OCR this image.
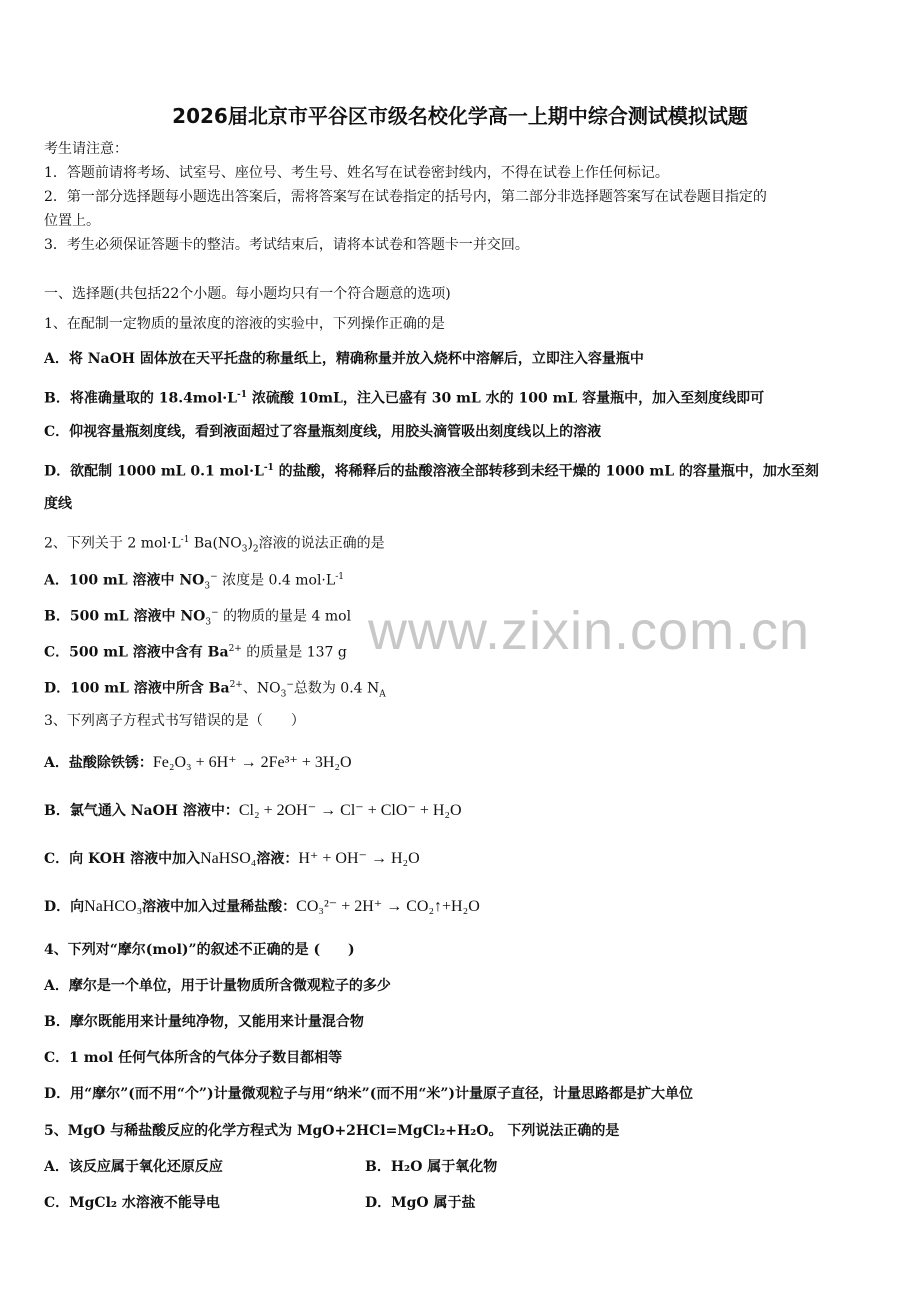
2026届北京市平谷区市级名校化学高一上期中综合测试模拟试题
考生请注意：
1．答题前请将考场、试室号、座位号、考生号、姓名写在试卷密封线内，不得在试卷上作任何标记。
2．第一部分选择题每小题选出答案后，需将答案写在试卷指定的括号内，第二部分非选择题答案写在试卷题目指定的
位置上。
3．考生必须保证答题卡的整洁。考试结束后，请将本试卷和答题卡一并交回。
一、选择题(共包括22个小题。每小题均只有一个符合题意的选项)
1、在配制一定物质的量浓度的溶液的实验中，下列操作正确的是
A．将 NaOH 固体放在天平托盘的称量纸上，精确称量并放入烧杯中溶解后，立即注入容量瓶中
B．将准确量取的 $18.4mol\cdot L^{-1}$ 浓硫酸 10mL，注入已盛有 30 mL 水的 100 mL 容量瓶中，加入至刻度线即可
C．仰视容量瓶刻度线，看到液面超过了容量瓶刻度线，用胶头滴管吸出刻度线以上的溶液
D．欲配制 1000 mL 0.1 $mol\cdot L^{-1}$ 的盐酸，将稀释后的盐酸溶液全部转移到未经干燥的 1000 mL 的容量瓶中，加水至刻
度线
2、下列关于 2 $mol\cdot L^{-1}$ $Ba(NO_3)_2$溶液的说法正确的是
A．100 mL 溶液中 $NO_3^-$ 浓度是 0.4 $mol\cdot L^{-1}$
B．500 mL 溶液中 $NO_3^-$ 的物质的量是 4 mol
C．500 mL 溶液中含有 $Ba^{2+}$ 的质量是 137 g
D．100 mL 溶液中所含 $Ba^{2+}$、$NO_3^-$总数为 0.4 $N_A$
3、下列离子方程式书写错误的是（　　）
A．盐酸除铁锈：Fe₂O₃ + 6H⁺ → 2Fe³⁺ + 3H₂O
B．氯气通入 NaOH 溶液中：Cl₂ + 2OH⁻ → Cl⁻ + ClO⁻ + H₂O
C．向 KOH 溶液中加入NaHSO₄溶液：H⁺ + OH⁻ → H₂O
D．向NaHCO₃溶液中加入过量稀盐酸：CO₃²⁻ + 2H⁺ → CO₂↑+H₂O
4、下列对“摩尔(mol)”的叙述不正确的是 (　　)
A．摩尔是一个单位，用于计量物质所含微观粒子的多少
B．摩尔既能用来计量纯净物，又能用来计量混合物
C．1 mol 任何气体所含的气体分子数目都相等
D．用“摩尔”(而不用“个”)计量微观粒子与用“纳米”(而不用“米”)计量原子直径，计量思路都是扩大单位
5、MgO 与稀盐酸反应的化学方程式为 MgO+2HCl=MgCl₂+H₂O。 下列说法正确的是
A．该反应属于氧化还原反应	B．H₂O 属于氧化物
C．MgCl₂ 水溶液不能导电	D．MgO 属于盐
www.zixin.com.cn
